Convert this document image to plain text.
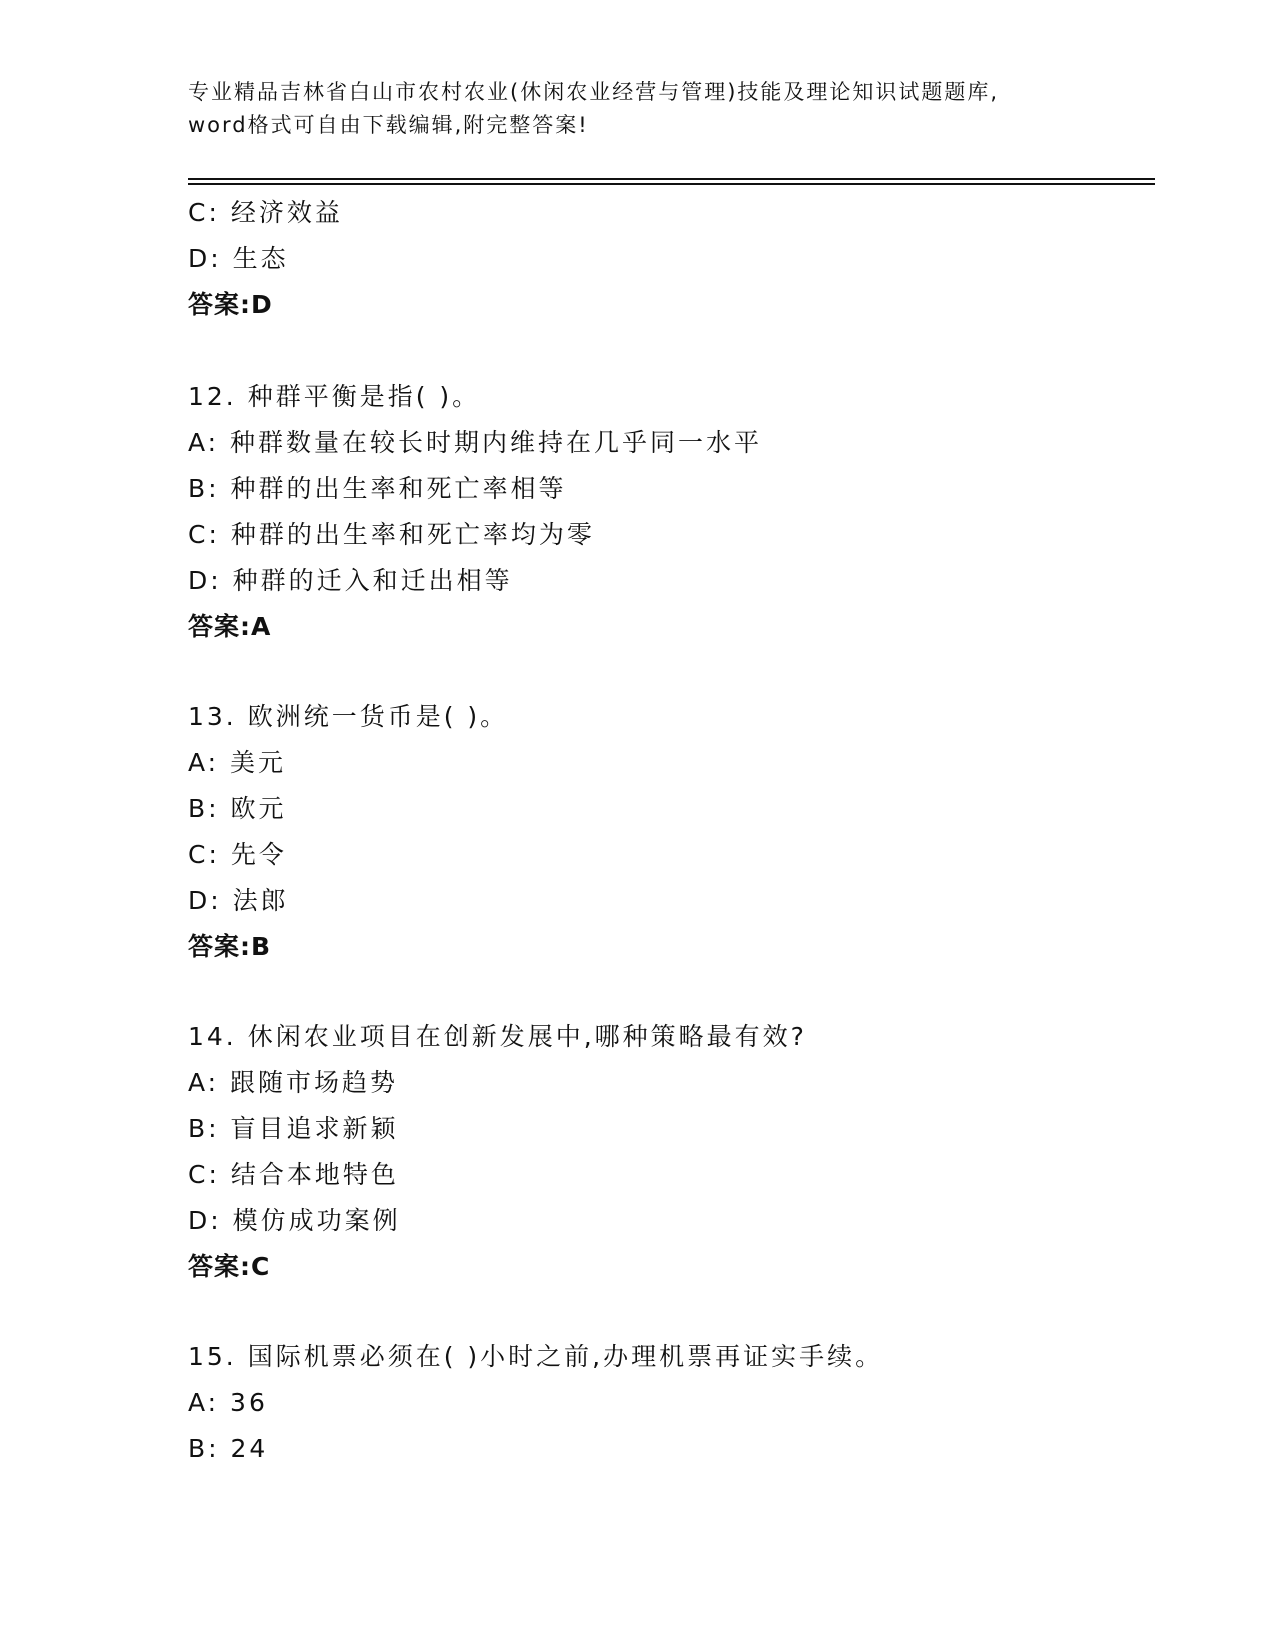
专业精品吉林省白山市农村农业(休闲农业经营与管理)技能及理论知识试题题库,
word格式可自由下载编辑,附完整答案!
C: 经济效益
D: 生态
答案:D
12. 种群平衡是指( )。
A: 种群数量在较长时期内维持在几乎同一水平
B: 种群的出生率和死亡率相等
C: 种群的出生率和死亡率均为零
D: 种群的迁入和迁出相等
答案:A
13. 欧洲统一货币是( )。
A: 美元
B: 欧元
C: 先令
D: 法郎
答案:B
14. 休闲农业项目在创新发展中,哪种策略最有效?
A: 跟随市场趋势
B: 盲目追求新颖
C: 结合本地特色
D: 模仿成功案例
答案:C
15. 国际机票必须在( )小时之前,办理机票再证实手续。
A: 36
B: 24
